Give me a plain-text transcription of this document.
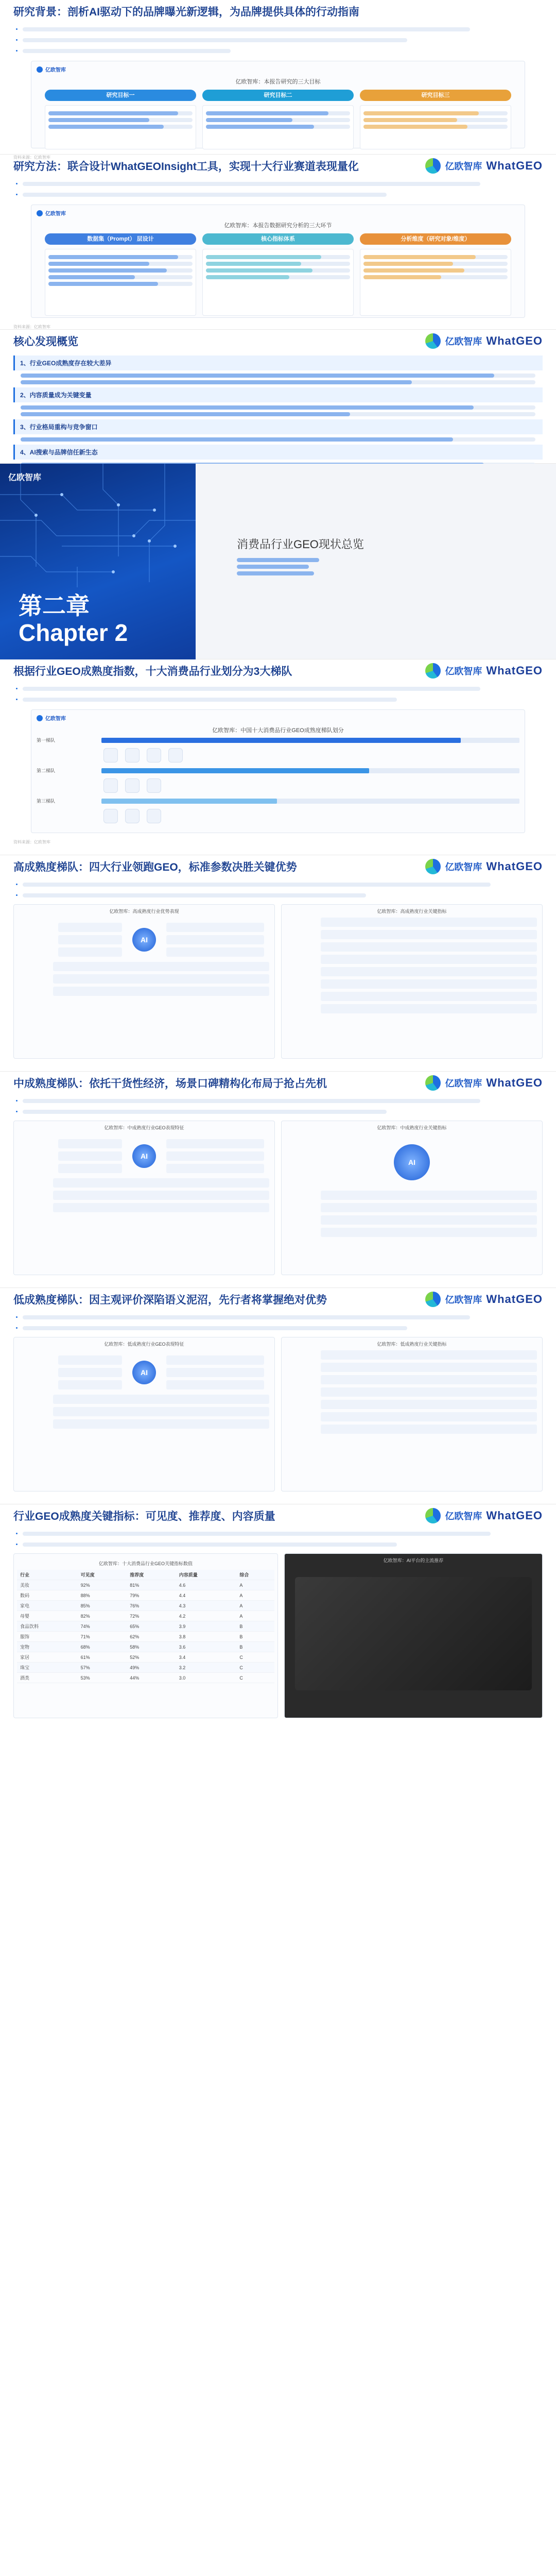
研究背景：剖析AI驱动下的品牌曝光新逻辑，为品牌提供具体的行动指南
•
•
•
亿欧智库
亿欧智库：本报告研究的三大目标
研究目标一	研究目标二	研究目标三
资料来源：亿欧智库
研究方法：联合设计WhatGEOInsight工具，实现十大行业赛道表现量化	亿欧智库 WhatGEO
•
•
亿欧智库
亿欧智库：本报告数据研究分析的三大环节
数据集（Prompt） 层设计	核心指标体系	分析维度（研究对象/维度）
资料来源：亿欧智库
核心发现概览	亿欧智库 WhatGEO
1、行业GEO成熟度存在较大差异
2、内容质量成为关键变量
3、行业格局重构与竞争窗口
4、AI搜索与品牌信任新生态
亿欧智库
第二章
Chapter 2
消费品行业GEO现状总览
根据行业GEO成熟度指数，十大消费品行业划分为3大梯队	亿欧智库 WhatGEO
•
•
亿欧智库
亿欧智库：中国十大消费品行业GEO成熟度梯队划分
第一梯队
第二梯队
第三梯队
资料来源：亿欧智库
高成熟度梯队：四大行业领跑GEO，标准参数决胜关键优势	亿欧智库 WhatGEO
•
•
亿欧智库：高成熟度行业优势表现
AI
亿欧智库：高成熟度行业关键指标
中成熟度梯队：依托干货性经济，场景口碑精构化布局于抢占先机	亿欧智库 WhatGEO
•
•
亿欧智库：中成熟度行业GEO表现特征
AI
亿欧智库：中成熟度行业关键指标
AI
低成熟度梯队：因主观评价深陷语义泥沼，先行者将掌握绝对优势	亿欧智库 WhatGEO
•
•
亿欧智库：低成熟度行业GEO表现特征
AI
亿欧智库：低成熟度行业关键指标
行业GEO成熟度关键指标：可见度、推荐度、内容质量	亿欧智库 WhatGEO
•
•
亿欧智库：十大消费品行业GEO关键指标数值
行业	可见度	推荐度	内容质量	综合
美妆	92%	81%	4.6	A
数码	88%	79%	4.4	A
家电	85%	76%	4.3	A
母婴	82%	72%	4.2	A
食品饮料	74%	65%	3.9	B
服饰	71%	62%	3.8	B
宠物	68%	58%	3.6	B
家居	61%	52%	3.4	C
珠宝	57%	49%	3.2	C
酒类	53%	44%	3.0	C
亿欧智库：AI平台的主流推荐
